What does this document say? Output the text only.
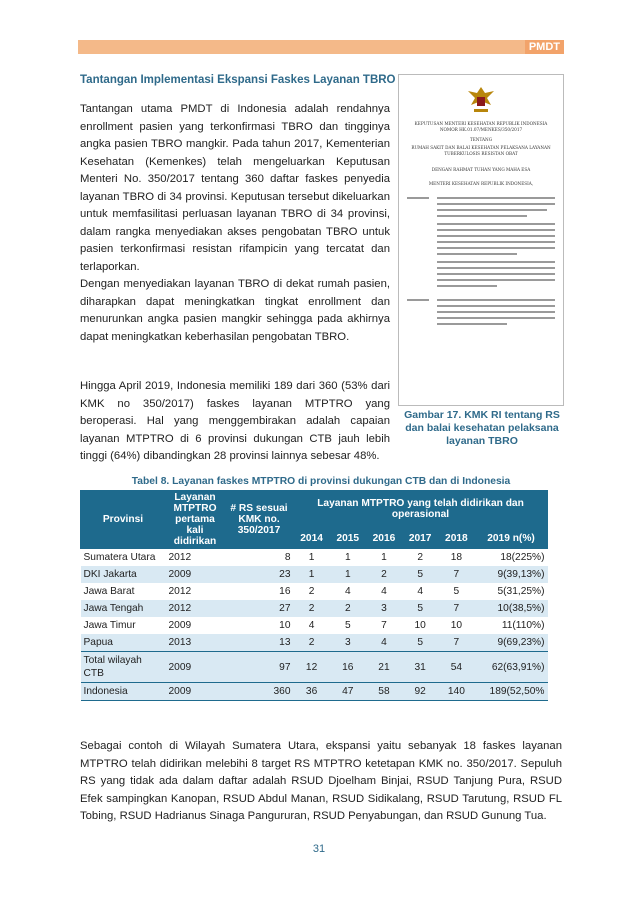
PMDT
Tantangan Implementasi Ekspansi Faskes Layanan TBRO
Tantangan utama PMDT di Indonesia adalah rendahnya enrollment pasien yang terkonfirmasi TBRO dan tingginya angka pasien TBRO mangkir. Pada tahun 2017, Kementerian Kesehatan (Kemenkes) telah mengeluarkan Keputusan Menteri No. 350/2017 tentang 360 daftar faskes penyedia layanan TBRO di 34 provinsi. Keputusan tersebut dikeluarkan untuk memfasilitasi perluasan layanan TBRO di 34 provinsi, dalam rangka menyediakan akses pengobatan TBRO untuk pasien terkonfirmasi resistan rifampicin yang tercatat dan terlaporkan.
Dengan menyediakan layanan TBRO di dekat rumah pasien, diharapkan dapat meningkatkan tingkat enrollment dan menurunkan angka pasien mangkir sehingga pada akhirnya dapat meningkatkan keberhasilan pengobatan TBRO.
Hingga April 2019, Indonesia memiliki 189 dari 360 (53% dari KMK no 350/2017) faskes layanan MTPTRO yang beroperasi. Hal yang menggembirakan adalah capaian layanan MTPTRO di 6 provinsi dukungan CTB jauh lebih tinggi (64%) dibandingkan 28 provinsi lainnya sebesar 48%.
KEPUTUSAN MENTERI KESEHATAN REPUBLIK INDONESIA
NOMOR HK.01.07/MENKES/350/2017
TENTANG
RUMAH SAKIT DAN BALAI KESEHATAN PELAKSANA LAYANAN
TUBERKULOSIS RESISTAN OBAT
DENGAN RAHMAT TUHAN YANG MAHA ESA
MENTERI KESEHATAN REPUBLIK INDONESIA,
Gambar 17. KMK RI tentang RS dan balai kesehatan pelaksana layanan TBRO
Tabel 8. Layanan faskes MTPTRO di provinsi dukungan CTB dan di Indonesia
Provinsi	Layanan MTPTRO pertama kali didirikan	# RS sesuai KMK no. 350/2017	Layanan MTPTRO yang telah didirikan dan operasional					
			2014	2015	2016	2017	2018	2019 n(%)
Sumatera Utara	2012	8	1	1	1	2	18	18(225%)
DKI Jakarta	2009	23	1	1	2	5	7	9(39,13%)
Jawa Barat	2012	16	2	4	4	4	5	5(31,25%)
Jawa Tengah	2012	27	2	2	3	5	7	10(38,5%)
Jawa Timur	2009	10	4	5	7	10	10	11(110%)
Papua	2013	13	2	3	4	5	7	9(69,23%)
Total wilayah CTB	2009	97	12	16	21	31	54	62(63,91%)
Indonesia	2009	360	36	47	58	92	140	189(52,50%
Sebagai contoh di Wilayah Sumatera Utara, ekspansi yaitu sebanyak 18 faskes layanan MTPTRO telah didirikan melebihi 8 target RS MTPTRO ketetapan KMK no. 350/2017. Sepuluh RS yang tidak ada dalam daftar adalah RSUD Djoelham Binjai, RSUD Tanjung Pura, RSUD Efek sampingkan Kanopan, RSUD Abdul Manan, RSUD Sidikalang, RSUD Tarutung, RSUD FL Tobing, RSUD Hadrianus Sinaga Pangururan, RSUD Penyabungan, dan RSUD Gunung Tua.
31
